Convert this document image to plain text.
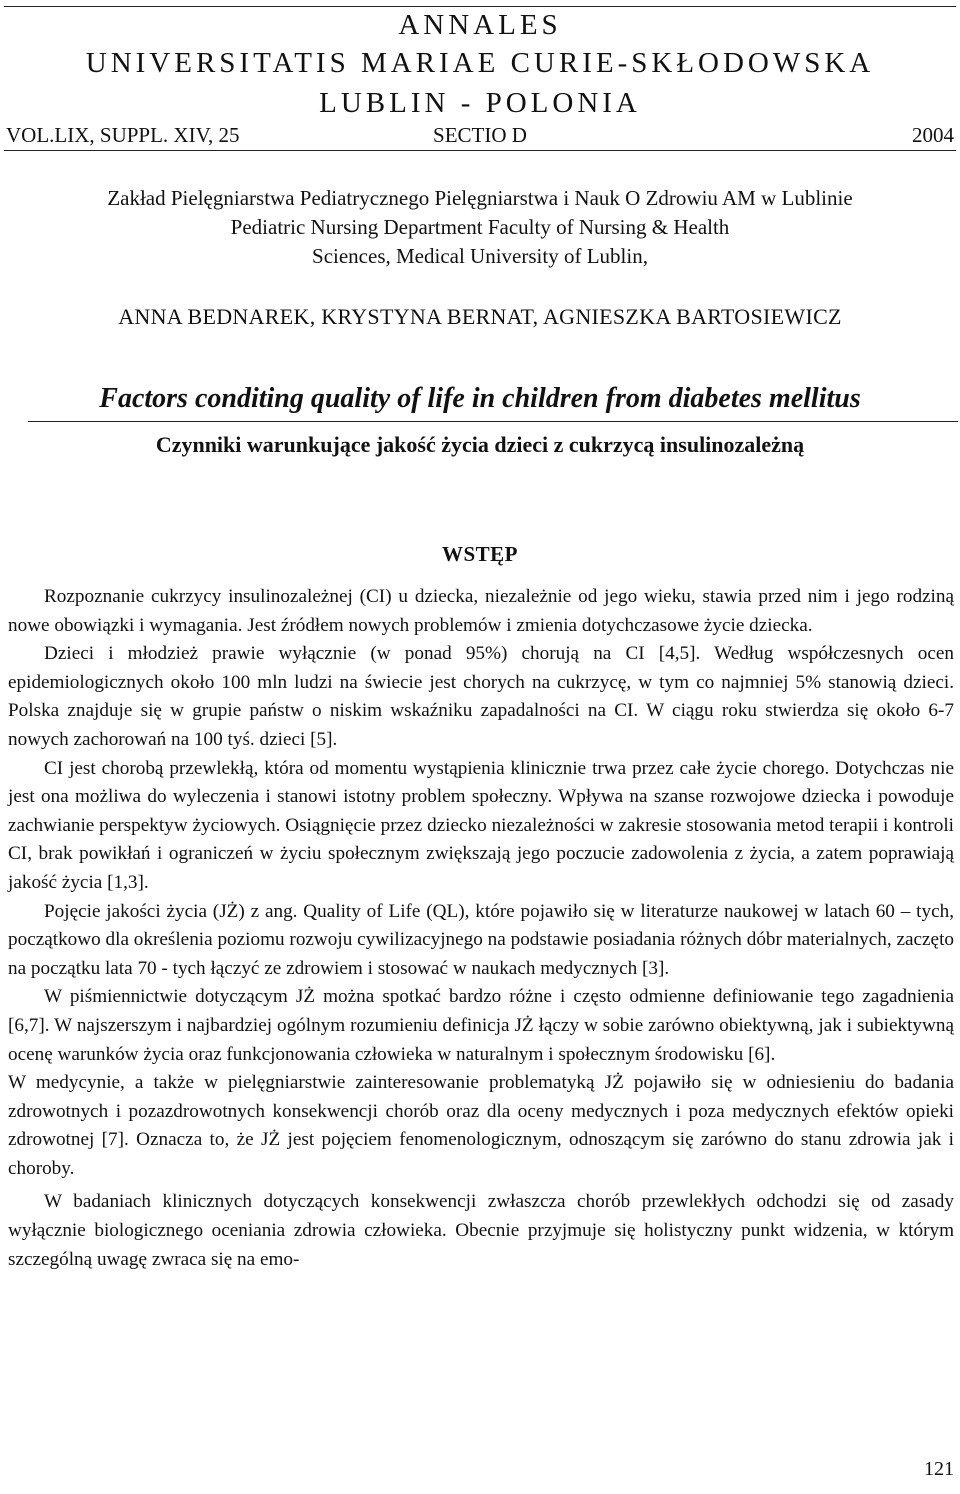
ANNALES
UNIVERSITATIS MARIAE CURIE-SKŁODOWSKA
LUBLIN - POLONIA
VOL.LIX, SUPPL. XIV, 25	SECTIO D	2004
Zakład Pielęgniarstwa Pediatrycznego Pielęgniarstwa i Nauk O Zdrowiu AM w Lublinie
Pediatric Nursing Department Faculty of Nursing & Health
Sciences, Medical University of Lublin,
ANNA BEDNAREK, KRYSTYNA BERNAT, AGNIESZKA BARTOSIEWICZ
Factors conditing quality of life in children from diabetes mellitus
Czynniki warunkujące jakość życia dzieci z cukrzycą insulinozależną
WSTĘP

Rozpoznanie cukrzycy insulinozależnej (CI) u dziecka, niezależnie od jego wieku, stawia przed nim i jego rodziną nowe obowiązki i wymagania. Jest źródłem nowych problemów i zmienia dotychczasowe życie dziecka.

Dzieci i młodzież prawie wyłącznie (w ponad 95%) chorują na CI [4,5]. Według współczesnych ocen epidemiologicznych około 100 mln ludzi na świecie jest chorych na cukrzycę, w tym co najmniej 5% stanowią dzieci. Polska znajduje się w grupie państw o niskim wskaźniku zapadalności na CI. W ciągu roku stwierdza się około 6-7 nowych zachorowań na 100 tyś. dzieci [5].

CI jest chorobą przewlekłą, która od momentu wystąpienia klinicznie trwa przez całe życie chorego. Dotychczas nie jest ona możliwa do wyleczenia i stanowi istotny problem społeczny. Wpływa na szanse rozwojowe dziecka i powoduje zachwianie perspektyw życiowych. Osiągnięcie przez dziecko niezależności w zakresie stosowania metod terapii i kontroli CI, brak powikłań i ograniczeń w życiu społecznym zwiększają jego poczucie zadowolenia z życia, a zatem poprawiają jakość życia [1,3].

Pojęcie jakości życia (JŻ) z ang. Quality of Life (QL), które pojawiło się w literaturze naukowej w latach 60 – tych, początkowo dla określenia poziomu rozwoju cywilizacyjnego na podstawie posiadania różnych dóbr materialnych, zaczęto na początku lata 70 - tych łączyć ze zdrowiem i stosować w naukach medycznych [3].

W piśmiennictwie dotyczącym JŻ można spotkać bardzo różne i często odmienne definiowanie tego zagadnienia [6,7]. W najszerszym i najbardziej ogólnym rozumieniu definicja JŻ łączy w sobie zarówno obiektywną, jak i subiektywną ocenę warunków życia oraz funkcjonowania człowieka w naturalnym i społecznym środowisku [6].

W medycynie, a także w pielęgniarstwie zainteresowanie problematyką JŻ pojawiło się w odniesieniu do badania zdrowotnych i pozazdrowotnych konsekwencji chorób oraz dla oceny medycznych i poza medycznych efektów opieki zdrowotnej [7]. Oznacza to, że JŻ jest pojęciem fenomenologicznym, odnoszącym się zarówno do stanu zdrowia jak i choroby.

W badaniach klinicznych dotyczących konsekwencji zwłaszcza chorób przewlekłych odchodzi się od zasady wyłącznie biologicznego oceniania zdrowia człowieka. Obecnie przyjmuje się holistyczny punkt widzenia, w którym szczególną uwagę zwraca się na emo-

121
